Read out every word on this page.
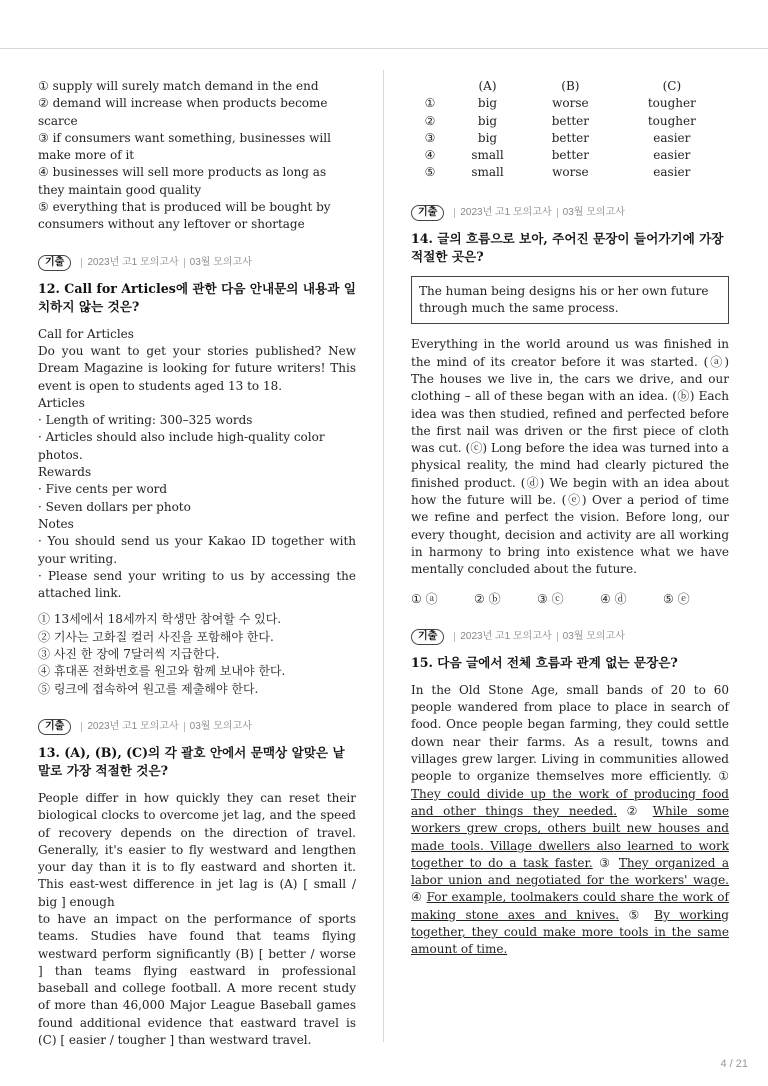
① supply will surely match demand in the end
② demand will increase when products become scarce
③ if consumers want something, businesses will make more of it
④ businesses will sell more products as long as they maintain good quality
⑤ everything that is produced will be bought by consumers without any leftover or shortage
기출	2023년 고1 모의고사 03월 모의고사
12. Call for Articles에 관한 다음 안내문의 내용과 일치하지 않는 것은?
Call for Articles
Do you want to get your stories published? New Dream Magazine is looking for future writers! This event is open to students aged 13 to 18.
Articles
· Length of writing: 300–325 words
· Articles should also include high-quality color photos.
Rewards
· Five cents per word
· Seven dollars per photo
Notes
· You should send us your Kakao ID together with your writing.
· Please send your writing to us by accessing the attached link.
① 13세에서 18세까지 학생만 참여할 수 있다.
② 기사는 고화질 컬러 사진을 포함해야 한다.
③ 사진 한 장에 7달러씩 지급한다.
④ 휴대폰 전화번호를 원고와 함께 보내야 한다.
⑤ 링크에 접속하여 원고를 제출해야 한다.
기출	2023년 고1 모의고사 03월 모의고사
13. (A), (B), (C)의 각 괄호 안에서 문맥상 알맞은 낱말로 가장 적절한 것은?
People differ in how quickly they can reset their biological clocks to overcome jet lag, and the speed of recovery depends on the direction of travel. Generally, it's easier to fly westward and lengthen your day than it is to fly eastward and shorten it. This east-west difference in jet lag is (A) [ small / big ] enough
to have an impact on the performance of sports teams. Studies have found that teams flying westward perform significantly (B) [ better / worse ] than teams flying eastward in professional baseball and college football. A more recent study of more than 46,000 Major League Baseball games found additional evidence that eastward travel is (C) [ easier / tougher ] than westward travel.
	(A)	(B)	(C)
①	big	worse	tougher
②	big	better	tougher
③	big	better	easier
④	small	better	easier
⑤	small	worse	easier
기출	2023년 고1 모의고사 03월 모의고사
14. 글의 흐름으로 보아, 주어진 문장이 들어가기에 가장 적절한 곳은?
The human being designs his or her own future through much the same process.
Everything in the world around us was finished in the mind of its creator before it was started. (ⓐ) The houses we live in, the cars we drive, and our clothing – all of these began with an idea. (ⓑ) Each idea was then studied, refined and perfected before the first nail was driven or the first piece of cloth was cut. (ⓒ) Long before the idea was turned into a physical reality, the mind had clearly pictured the finished product. (ⓓ) We begin with an idea about how the future will be. (ⓔ) Over a period of time we refine and perfect the vision. Before long, our every thought, decision and activity are all working in harmony to bring into existence what we have mentally concluded about the future.
① ⓐ	② ⓑ	③ ⓒ	④ ⓓ	⑤ ⓔ
기출	2023년 고1 모의고사 03월 모의고사
15. 다음 글에서 전체 흐름과 관계 없는 문장은?
In the Old Stone Age, small bands of 20 to 60 people wandered from place to place in search of food. Once people began farming, they could settle down near their farms. As a result, towns and villages grew larger. Living in communities allowed people to organize themselves more efficiently. ① They could divide up the work of producing food and other things they needed. ② While some workers grew crops, others built new houses and made tools. Village dwellers also learned to work together to do a task faster. ③ They organized a labor union and negotiated for the workers' wage. ④ For example, toolmakers could share the work of making stone axes and knives. ⑤ By working together, they could make more tools in the same amount of time.
4 / 21
